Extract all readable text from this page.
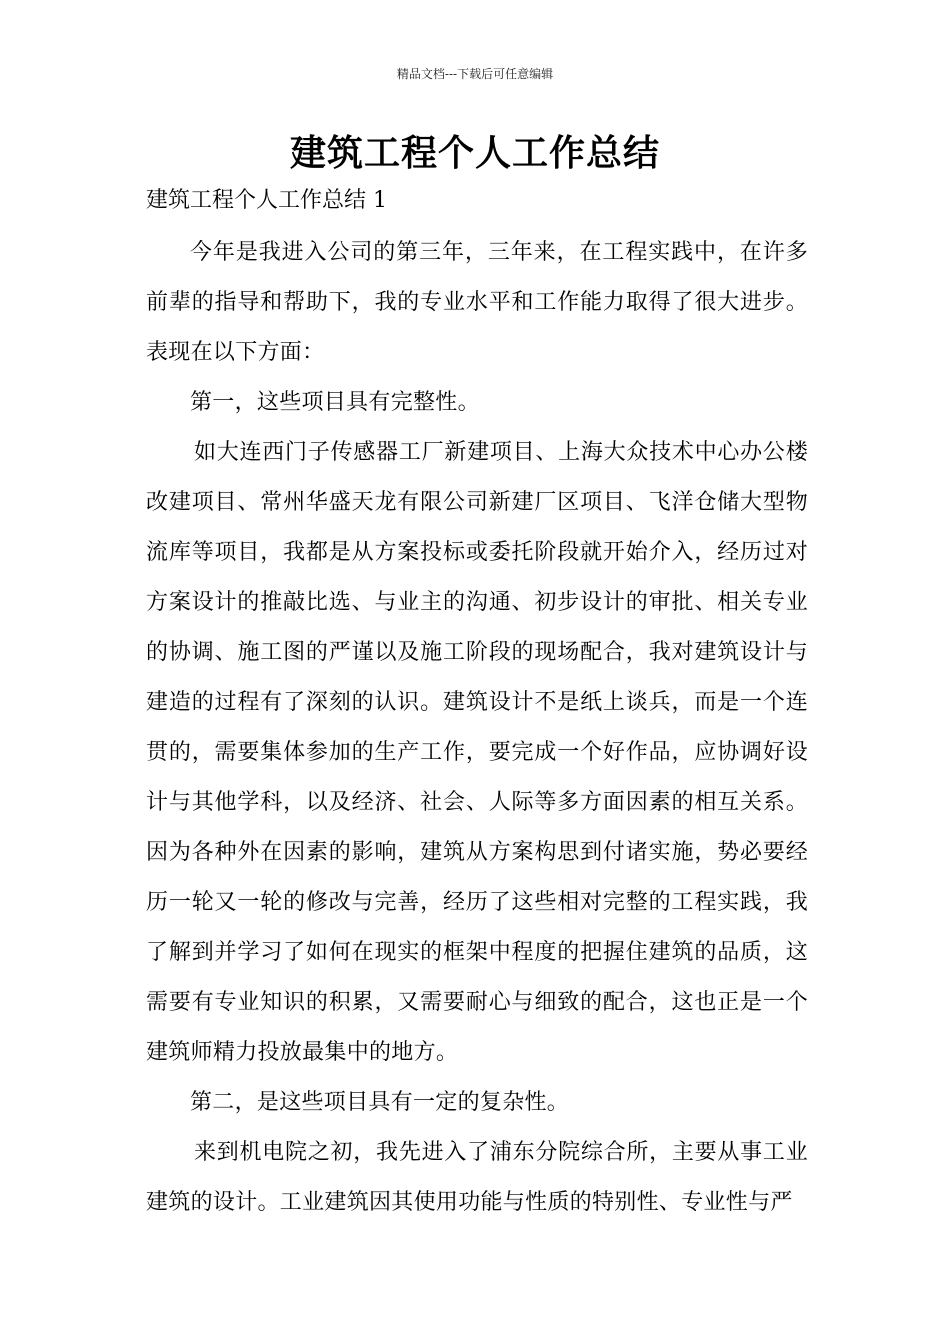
精品文档---下载后可任意编辑
建筑工程个人工作总结
建筑工程个人工作总结 1

今年是我进入公司的第三年，三年来，在工程实践中，在许多前辈的指导和帮助下，我的专业水平和工作能力取得了很大进步。表现在以下方面：

第一，这些项目具有完整性。

如大连西门子传感器工厂新建项目、上海大众技术中心办公楼改建项目、常州华盛天龙有限公司新建厂区项目、飞洋仓储大型物流库等项目，我都是从方案投标或委托阶段就开始介入，经历过对方案设计的推敲比选、与业主的沟通、初步设计的审批、相关专业的协调、施工图的严谨以及施工阶段的现场配合，我对建筑设计与建造的过程有了深刻的认识。建筑设计不是纸上谈兵，而是一个连贯的，需要集体参加的生产工作，要完成一个好作品，应协调好设计与其他学科，以及经济、社会、人际等多方面因素的相互关系。因为各种外在因素的影响，建筑从方案构思到付诸实施，势必要经历一轮又一轮的修改与完善，经历了这些相对完整的工程实践，我了解到并学习了如何在现实的框架中程度的把握住建筑的品质，这需要有专业知识的积累，又需要耐心与细致的配合，这也正是一个建筑师精力投放最集中的地方。

第二，是这些项目具有一定的复杂性。

来到机电院之初，我先进入了浦东分院综合所，主要从事工业建筑的设计。工业建筑因其使用功能与性质的特别性、专业性与严
